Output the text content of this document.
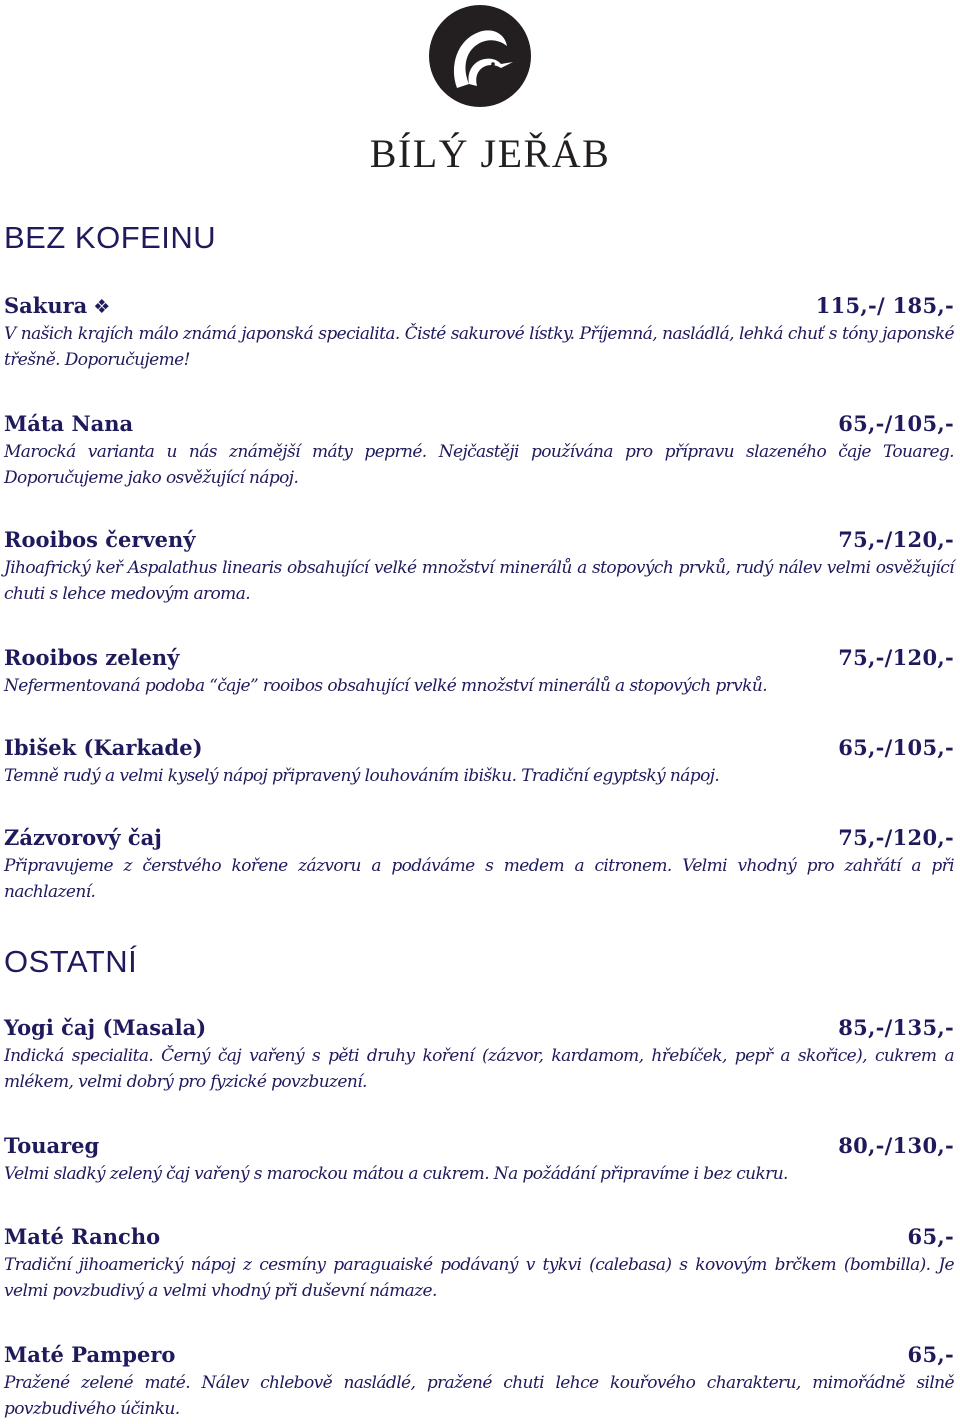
BÍLÝ JEŘÁB
BEZ KOFEINU
Sakura ❖	115,-/ 185,-
V našich krajích málo známá japonská specialita. Čisté sakurové lístky. Příjemná, nasládlá, lehká chuť s tóny japonské třešně. Doporučujeme!
Máta Nana	65,-/105,-
Marocká varianta u nás známější máty peprné. Nejčastěji používána pro přípravu slazeného čaje Touareg. Doporučujeme jako osvěžující nápoj.
Rooibos červený	75,-/120,-
Jihoafrický keř Aspalathus linearis obsahující velké množství minerálů a stopových prvků, rudý nálev velmi osvěžující chuti s lehce medovým aroma.
Rooibos zelený	75,-/120,-
Nefermentovaná podoba “čaje” rooibos obsahující velké množství minerálů a stopových prvků.
Ibišek (Karkade)	65,-/105,-
Temně rudý a velmi kyselý nápoj připravený louhováním ibišku. Tradiční egyptský nápoj.
Zázvorový čaj	75,-/120,-
Připravujeme z čerstvého kořene zázvoru a podáváme s medem a citronem. Velmi vhodný pro zahřátí a při nachlazení.
OSTATNÍ
Yogi čaj (Masala)	85,-/135,-
Indická specialita. Černý čaj vařený s pěti druhy koření (zázvor, kardamom, hřebíček, pepř a skořice), cukrem a mlékem, velmi dobrý pro fyzické povzbuzení.
Touareg	80,-/130,-
Velmi sladký zelený čaj vařený s marockou mátou a cukrem. Na požádání připravíme i bez cukru.
Maté Rancho	65,-
Tradiční jihoamerický nápoj z cesmíny paraguaiské podávaný v tykvi (calebasa) s kovovým brčkem (bombilla). Je velmi povzbudivý a velmi vhodný při duševní námaze.
Maté Pampero	65,-
Pražené zelené maté. Nálev chlebově nasládlé, pražené chuti lehce kouřového charakteru, mimořádně silně povzbudivého účinku.
